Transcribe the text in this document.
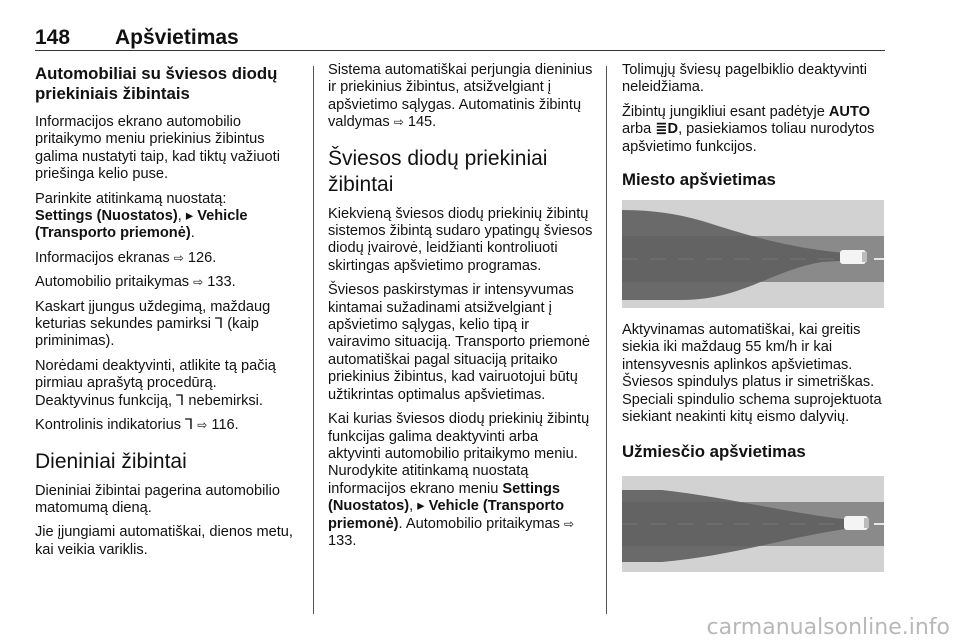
148 Apšvietimas
Automobiliai su šviesos diodų priekiniais žibintais

Informacijos ekrano automobilio pritaikymo meniu priekinius žibintus galima nustatyti taip, kad tiktų važiuoti priešinga kelio puse.

Parinkite atitinkamą nuostatą:
Settings (Nuostatos), ▸ Vehicle (Transporto priemonė).

Informacijos ekranas ⇨ 126.

Automobilio pritaikymas ⇨ 133.

Kaskart įjungus uždegimą, maždaug keturias sekundes pamirksi ⅂ (kaip priminimas).

Norėdami deaktyvinti, atlikite tą pačią pirmiau aprašytą procedūrą. Deaktyvinus funkciją, ⅂ nebemirksi.

Kontrolinis indikatorius ⅂ ⇨ 116.

Dieniniai žibintai

Dieniniai žibintai pagerina automobilio matomumą dieną.

Jie įjungiami automatiškai, dienos metu, kai veikia variklis.

Sistema automatiškai perjungia dieninius ir priekinius žibintus, atsižvelgiant į apšvietimo sąlygas. Automatinis žibintų valdymas ⇨ 145.

Šviesos diodų priekiniai žibintai

Kiekvieną šviesos diodų priekinių žibintų sistemos žibintą sudaro ypatingų šviesos diodų įvairovė, leidžianti kontroliuoti skirtingas apšvietimo programas.

Šviesos paskirstymas ir intensyvumas kintamai sužadinami atsižvelgiant į apšvietimo sąlygas, kelio tipą ir vairavimo situaciją. Transporto priemonė automatiškai pagal situaciją pritaiko priekinius žibintus, kad vairuotojui būtų užtikrintas optimalus apšvietimas.

Kai kurias šviesos diodų priekinių žibintų funkcijas galima deaktyvinti arba aktyvinti automobilio pritaikymo meniu. Nurodykite atitinkamą nuostatą informacijos ekrano meniu Settings (Nuostatos), ▸ Vehicle (Transporto priemonė). Automobilio pritaikymas ⇨ 133.

Tolimųjų šviesų pagelbiklio deaktyvinti neleidžiama.

Žibintų jungikliui esant padėtyje AUTO arba ≣D, pasiekiamos toliau nurodytos apšvietimo funkcijos.

Miesto apšvietimas

Aktyvinamas automatiškai, kai greitis siekia iki maždaug 55 km/h ir kai intensyvesnis aplinkos apšvietimas. Šviesos spindulys platus ir simetriškas. Speciali spindulio schema suprojektuota siekiant neakinti kitų eismo dalyvių.

Užmiesčio apšvietimas
carmanualsonline.info
